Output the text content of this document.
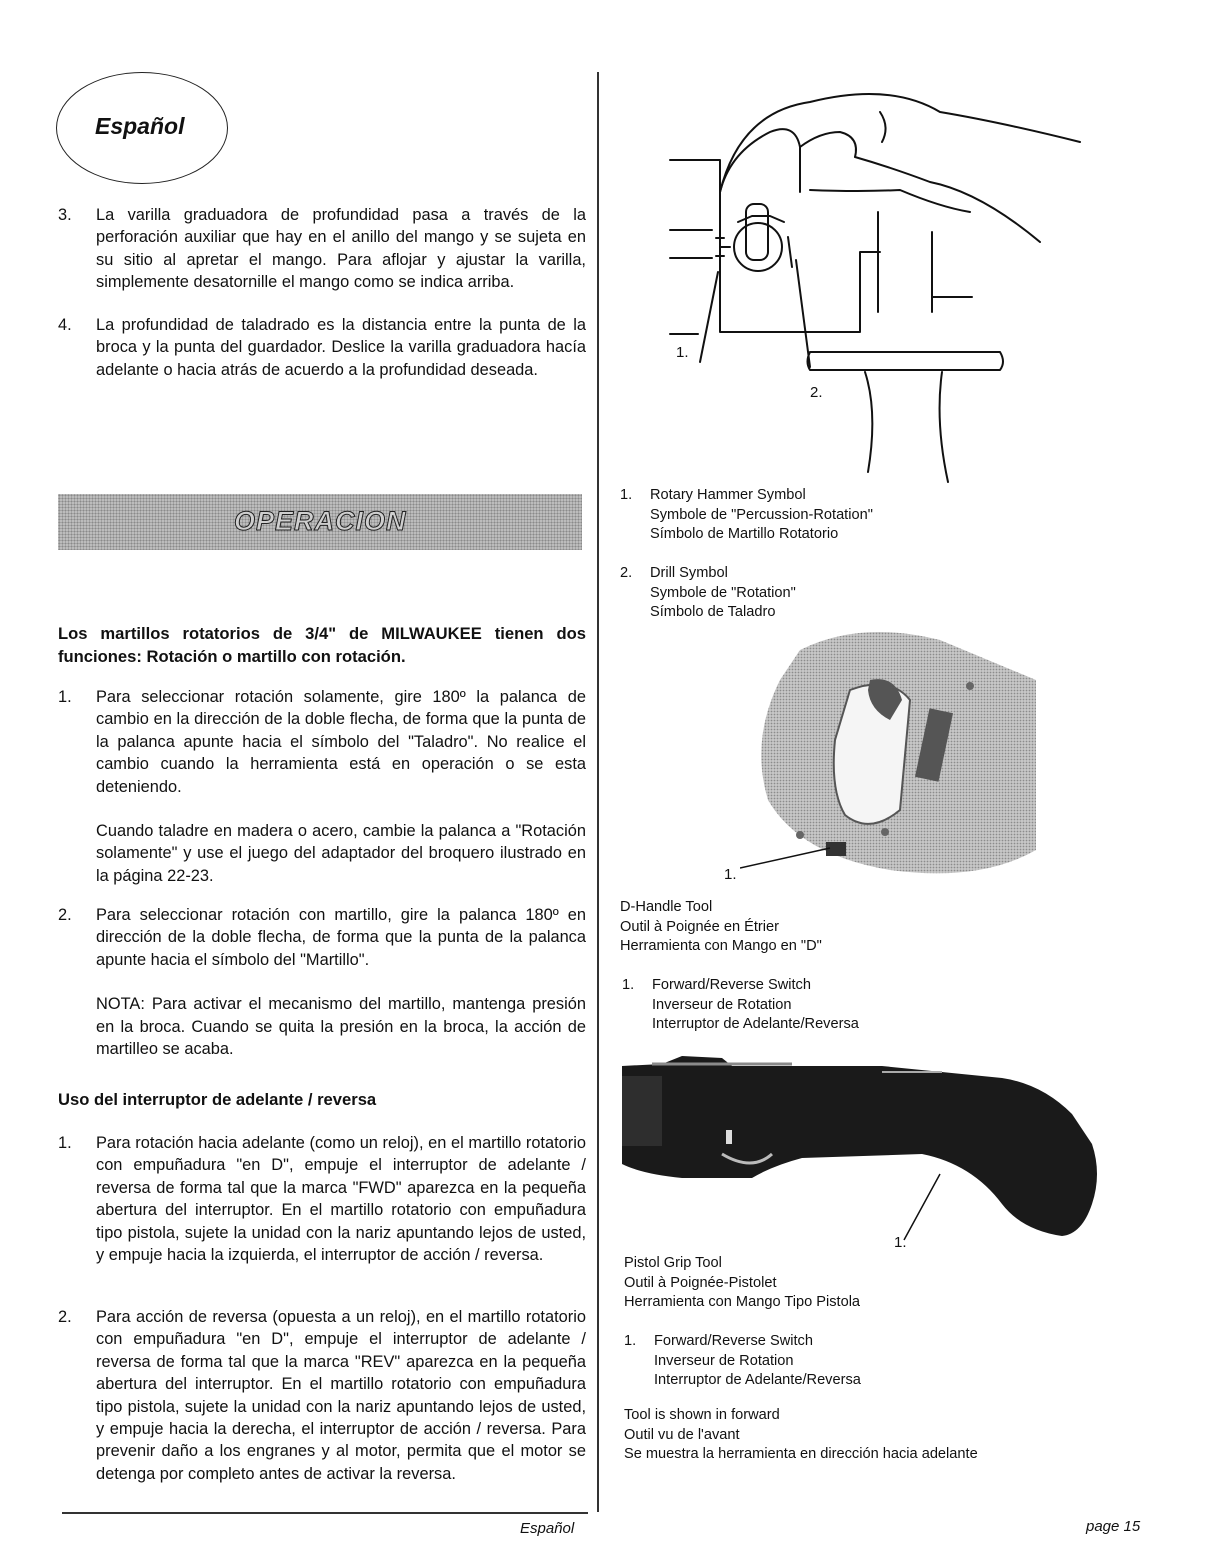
Español
3. La varilla graduadora de profundidad pasa a través de la perforación auxiliar que hay en el anillo del mango y se sujeta en su sitio al apretar el mango. Para aflojar y ajustar la varilla, simplemente desatornille el mango como se indica arriba.
4. La profundidad de taladrado es la distancia entre la punta de la broca y la punta del guardador. Deslice la varilla graduadora hacía adelante o hacia atrás de acuerdo a la profundidad deseada.
OPERACION
Los martillos rotatorios de 3/4" de MILWAUKEE tienen dos funciones: Rotación o martillo con rotación.
1. Para seleccionar rotación solamente, gire 180º la palanca de cambio en la dirección de la doble flecha, de forma que la punta de la palanca apunte hacia el símbolo del "Taladro". No realice el cambio cuando la herramienta está en operación o se esta deteniendo.

Cuando taladre en madera o acero, cambie la palanca a "Rotación solamente" y use el juego del adaptador del broquero ilustrado en la página 22-23.

2. Para seleccionar rotación con martillo, gire la palanca 180º en dirección de la doble flecha, de forma que la punta de la palanca apunte hacia el símbolo del "Martillo".

NOTA: Para activar el mecanismo del martillo, mantenga presión en la broca. Cuando se quita la presión en la broca, la acción de martilleo se acaba.

Uso del interruptor de adelante / reversa
1. Para rotación hacia adelante (como un reloj), en el martillo rotatorio con empuñadura "en D", empuje el interruptor de adelante / reversa de forma tal que la marca "FWD" aparezca en la pequeña abertura del interruptor. En el martillo rotatorio con empuñadura tipo pistola, sujete la unidad con la nariz apuntando lejos de usted, y empuje hacia la izquierda, el interruptor de acción / reversa.
2. Para acción de reversa (opuesta a un reloj), en el martillo rotatorio con empuñadura "en D", empuje el interruptor de adelante / reversa de forma tal que la marca "REV" aparezca en la pequeña abertura del interruptor. En el martillo rotatorio con empuñadura tipo pistola, sujete la unidad con la nariz apuntando lejos de usted, y empuje hacia la derecha, el interruptor de acción / reversa. Para prevenir daño a los engranes y al motor, permita que el motor se detenga por completo antes de activar la reversa.
Español	page 15
1.
2.
1. Rotary Hammer Symbol
Symbole de "Percussion-Rotation"
Símbolo de Martillo Rotatorio
2. Drill Symbol
Symbole de "Rotation"
Símbolo de Taladro
1.
D-Handle Tool
Outil à Poignée en Étrier
Herramienta con Mango en "D"
1. Forward/Reverse Switch
Inverseur de Rotation
Interruptor de Adelante/Reversa
1.
Pistol Grip Tool
Outil à Poignée-Pistolet
Herramienta con Mango Tipo Pistola
1. Forward/Reverse Switch
Inverseur de Rotation
Interruptor de Adelante/Reversa
Tool is shown in forward
Outil vu de l'avant
Se muestra la herramienta en dirección hacia adelante
